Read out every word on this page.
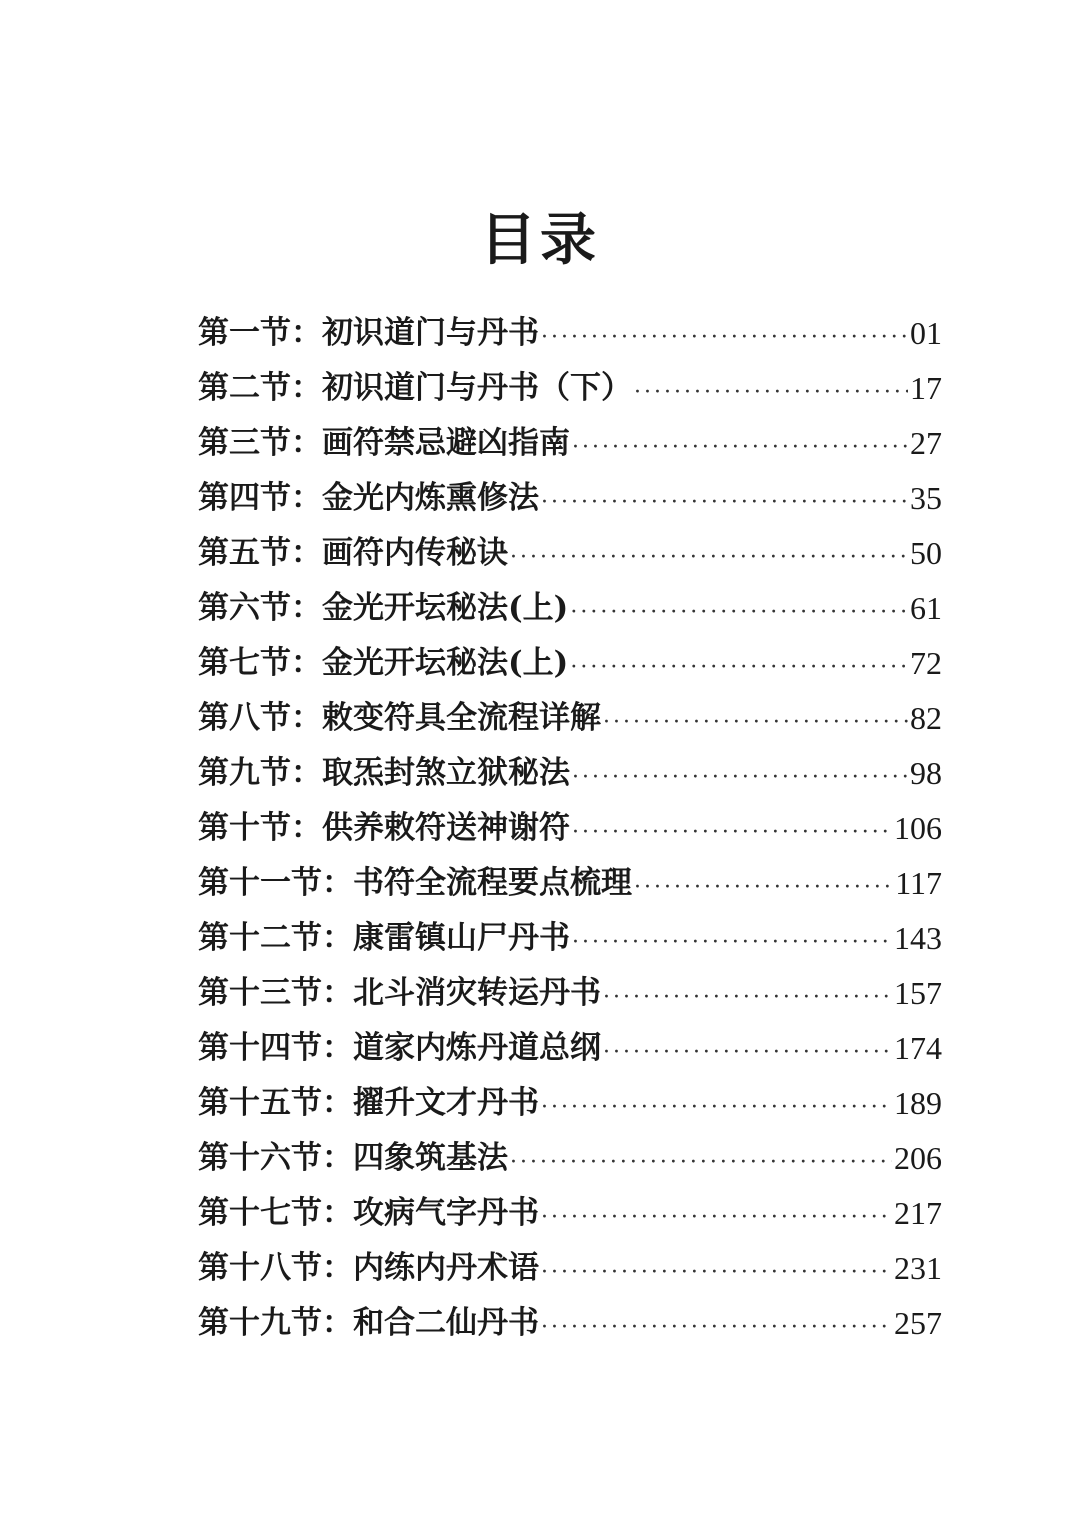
目录
第一节： 初识道门与丹书 ·····	01
第二节： 初识道门与丹书（下） ·····	17
第三节： 画符禁忌避凶指南 ·····	27
第四节： 金光内炼熏修法 ·····	35
第五节： 画符内传秘诀 ·····	50
第六节： 金光开坛秘法(上) ·····	61
第七节： 金光开坛秘法(上) ·····	72
第八节： 敕变符具全流程详解 ·····	82
第九节： 取炁封煞立狱秘法 ·····	98
第十节： 供养敕符送神谢符 ·····	106
第十一节： 书符全流程要点梳理 ·····	117
第十二节： 康雷镇山尸丹书 ·····	143
第十三节： 北斗消灾转运丹书 ·····	157
第十四节： 道家内炼丹道总纲 ·····	174
第十五节： 擢升文才丹书 ·····	189
第十六节： 四象筑基法 ·····	206
第十七节： 攻病气字丹书 ·····	217
第十八节： 内练内丹术语 ·····	231
第十九节： 和合二仙丹书 ·····	257
